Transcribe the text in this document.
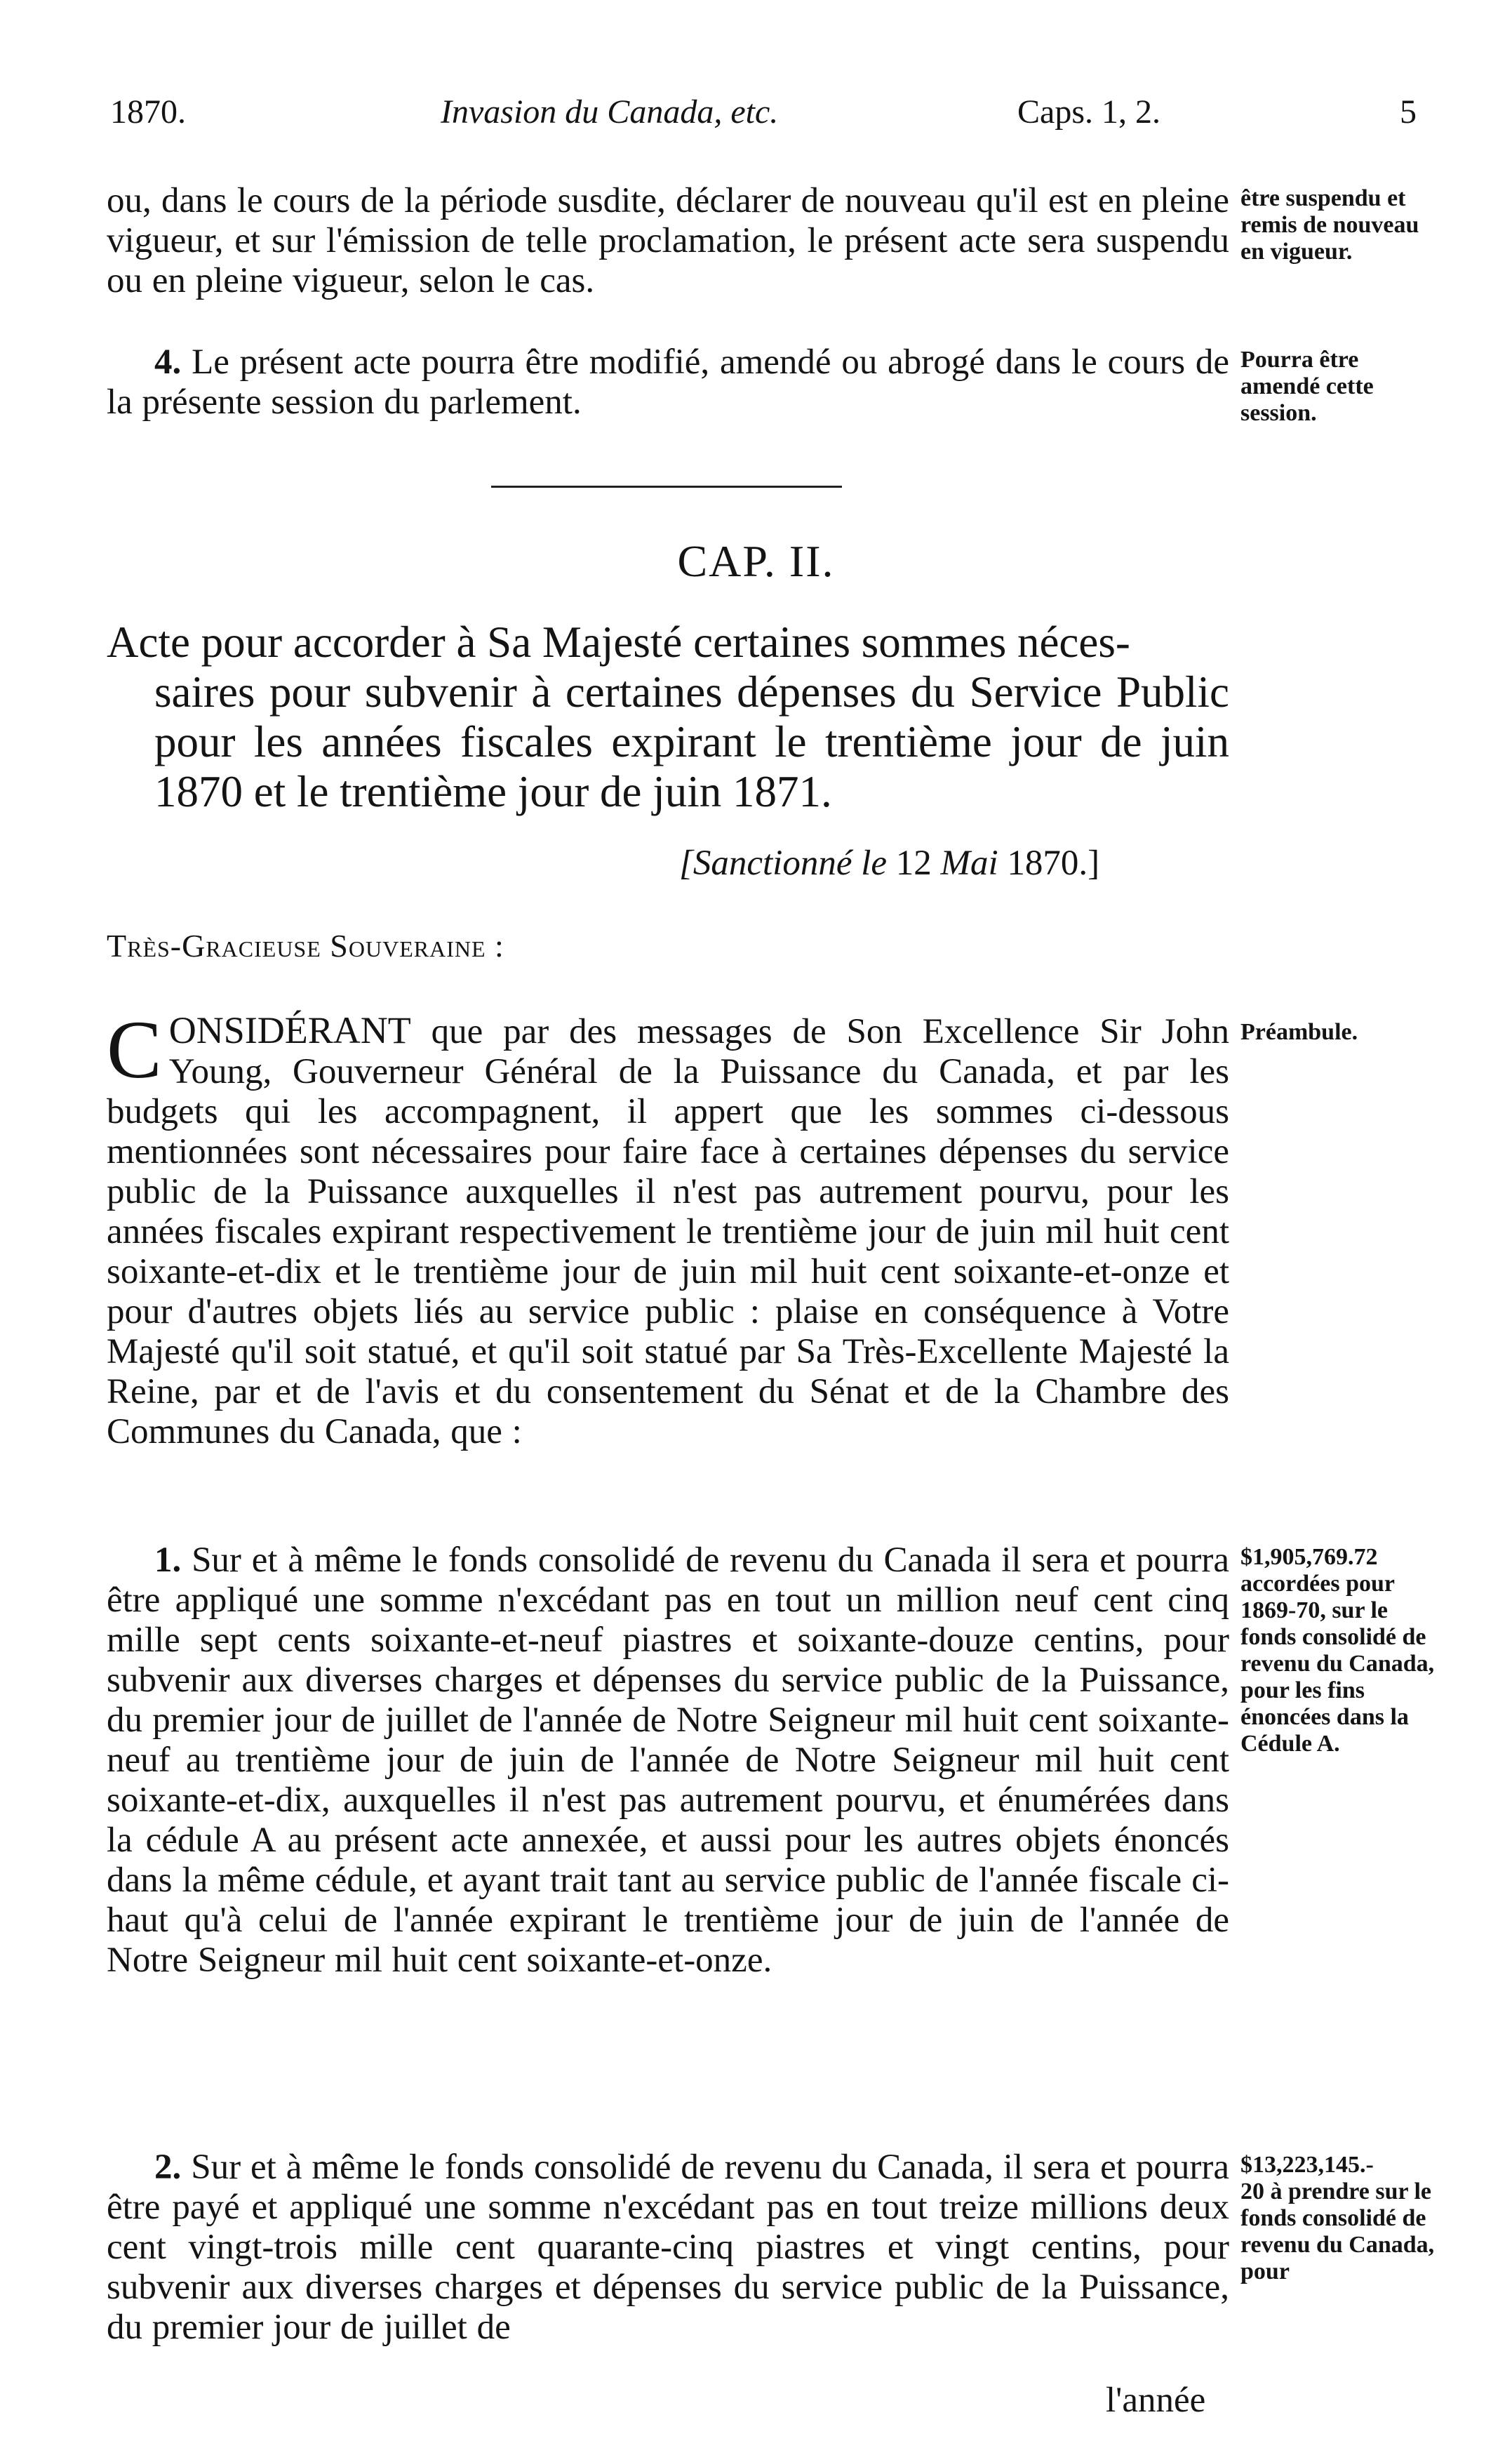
1870.	Invasion du Canada, etc.	Caps. 1, 2.	5
ou, dans le cours de la période susdite, déclarer de nouveau qu'il est en pleine vigueur, et sur l'émission de telle proclamation, le présent acte sera suspendu ou en pleine vigueur, selon le cas.
être suspendu et remis de nouveau en vigueur.
4. Le présent acte pourra être modifié, amendé ou abrogé dans le cours de la présente session du parlement.
Pourra être amendé cette session.
CAP. II.
Acte pour accorder à Sa Majesté certaines sommes néces-
saires pour subvenir à certaines dépenses du Service Public pour les années fiscales expirant le trentième jour de juin 1870 et le trentième jour de juin 1871.
[Sanctionné le 12 Mai 1870.]
Très-Gracieuse Souveraine :
C ONSIDÉRANT que par des messages de Son Excellence Sir John Young, Gouverneur Général de la Puissance du Canada, et par les budgets qui les accompagnent, il appert que les sommes ci-dessous mentionnées sont nécessaires pour faire face à certaines dépenses du service public de la Puissance auxquelles il n'est pas autrement pourvu, pour les années fiscales expirant respectivement le trentième jour de juin mil huit cent soixante-et-dix et le trentième jour de juin mil huit cent soixante-et-onze et pour d'autres objets liés au service public : plaise en conséquence à Votre Majesté qu'il soit statué, et qu'il soit statué par Sa Très-Excellente Majesté la Reine, par et de l'avis et du consentement du Sénat et de la Chambre des Communes du Canada, que :
Préambule.
1. Sur et à même le fonds consolidé de revenu du Canada il sera et pourra être appliqué une somme n'excédant pas en tout un million neuf cent cinq mille sept cents soixante-et-neuf piastres et soixante-douze centins, pour subvenir aux diverses charges et dépenses du service public de la Puissance, du premier jour de juillet de l'année de Notre Seigneur mil huit cent soixante-neuf au trentième jour de juin de l'année de Notre Seigneur mil huit cent soixante-et-dix, auxquelles il n'est pas autrement pourvu, et énumérées dans la cédule A au présent acte annexée, et aussi pour les autres objets énoncés dans la même cédule, et ayant trait tant au service public de l'année fiscale ci-haut qu'à celui de l'année expirant le trentième jour de juin de l'année de Notre Seigneur mil huit cent soixante-et-onze.
$1,905,769.72
accordées pour 1869-70, sur le fonds consolidé de revenu du Canada, pour les fins énoncées dans la Cédule A.
2. Sur et à même le fonds consolidé de revenu du Canada, il sera et pourra être payé et appliqué une somme n'excédant pas en tout treize millions deux cent vingt-trois mille cent quarante-cinq piastres et vingt centins, pour subvenir aux diverses charges et dépenses du service public de la Puissance, du premier jour de juillet de
$13,223,145.-
20 à prendre sur le fonds consolidé de revenu du Canada, pour
l'année
